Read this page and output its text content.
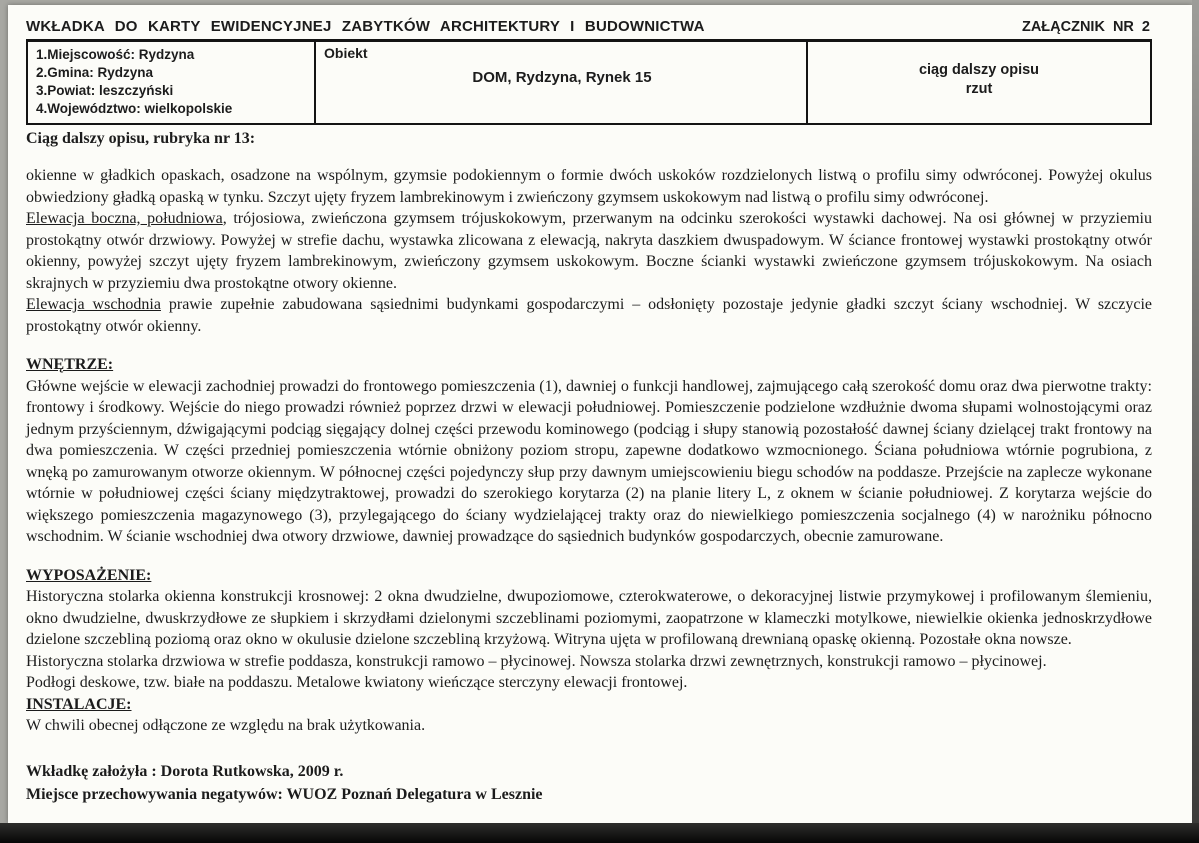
WKŁADKA DO KARTY EWIDENCYJNEJ ZABYTKÓW ARCHITEKTURY I BUDOWNICTWA	ZAŁĄCZNIK NR 2
1.Miejscowość: Rydzyna
2.Gmina: Rydzyna
3.Powiat: leszczyński
4.Województwo: wielkopolskie
Obiekt
DOM, Rydzyna, Rynek 15	ciąg dalszy opisu
rzut
Ciąg dalszy opisu, rubryka nr 13:

okienne w gładkich opaskach, osadzone na wspólnym, gzymsie podokiennym o formie dwóch uskoków rozdzielonych listwą o profilu simy odwróconej. Powyżej okulus obwiedziony gładką opaską w tynku. Szczyt ujęty fryzem lambrekinowym i zwieńczony gzymsem uskokowym nad listwą o profilu simy odwróconej.

Elewacja boczna, południowa, trójosiowa, zwieńczona gzymsem trójuskokowym, przerwanym na odcinku szerokości wystawki dachowej. Na osi głównej w przyziemiu prostokątny otwór drzwiowy. Powyżej w strefie dachu, wystawka zlicowana z elewacją, nakryta daszkiem dwuspadowym. W ściance frontowej wystawki prostokątny otwór okienny, powyżej szczyt ujęty fryzem lambrekinowym, zwieńczony gzymsem uskokowym. Boczne ścianki wystawki zwieńczone gzymsem trójuskokowym. Na osiach skrajnych w przyziemiu dwa prostokątne otwory okienne.

Elewacja wschodnia prawie zupełnie zabudowana sąsiednimi budynkami gospodarczymi – odsłonięty pozostaje jedynie gładki szczyt ściany wschodniej. W szczycie prostokątny otwór okienny.

WNĘTRZE:

Główne wejście w elewacji zachodniej prowadzi do frontowego pomieszczenia (1), dawniej o funkcji handlowej, zajmującego całą szerokość domu oraz dwa pierwotne trakty: frontowy i środkowy. Wejście do niego prowadzi również poprzez drzwi w elewacji południowej. Pomieszczenie podzielone wzdłużnie dwoma słupami wolnostojącymi oraz jednym przyściennym, dźwigającymi podciąg sięgający dolnej części przewodu kominowego (podciąg i słupy stanowią pozostałość dawnej ściany dzielącej trakt frontowy na dwa pomieszczenia. W części przedniej pomieszczenia wtórnie obniżony poziom stropu, zapewne dodatkowo wzmocnionego. Ściana południowa wtórnie pogrubiona, z wnęką po zamurowanym otworze okiennym. W północnej części pojedynczy słup przy dawnym umiejscowieniu biegu schodów na poddasze. Przejście na zaplecze wykonane wtórnie w południowej części ściany międzytraktowej, prowadzi do szerokiego korytarza (2) na planie litery L, z oknem w ścianie południowej. Z korytarza wejście do większego pomieszczenia magazynowego (3), przylegającego do ściany wydzielającej trakty oraz do niewielkiego pomieszczenia socjalnego (4) w narożniku północno wschodnim. W ścianie wschodniej dwa otwory drzwiowe, dawniej prowadzące do sąsiednich budynków gospodarczych, obecnie zamurowane.

WYPOSAŻENIE:

Historyczna stolarka okienna konstrukcji krosnowej: 2 okna dwudzielne, dwupoziomowe, czterokwaterowe, o dekoracyjnej listwie przymykowej i profilowanym ślemieniu, okno dwudzielne, dwuskrzydłowe ze słupkiem i skrzydłami dzielonymi szczeblinami poziomymi, zaopatrzone w klameczki motylkowe, niewielkie okienka jednoskrzydłowe dzielone szczebliną poziomą oraz okno w okulusie dzielone szczebliną krzyżową. Witryna ujęta w profilowaną drewnianą opaskę okienną. Pozostałe okna nowsze.

Historyczna stolarka drzwiowa w strefie poddasza, konstrukcji ramowo – płycinowej. Nowsza stolarka drzwi zewnętrznych, konstrukcji ramowo – płycinowej.

Podłogi deskowe, tzw. białe na poddaszu. Metalowe kwiatony wieńczące sterczyny elewacji frontowej.

INSTALACJE:

W chwili obecnej odłączone ze względu na brak użytkowania.

Wkładkę założyła : Dorota Rutkowska, 2009 r.
Miejsce przechowywania negatywów: WUOZ Poznań Delegatura w Lesznie
